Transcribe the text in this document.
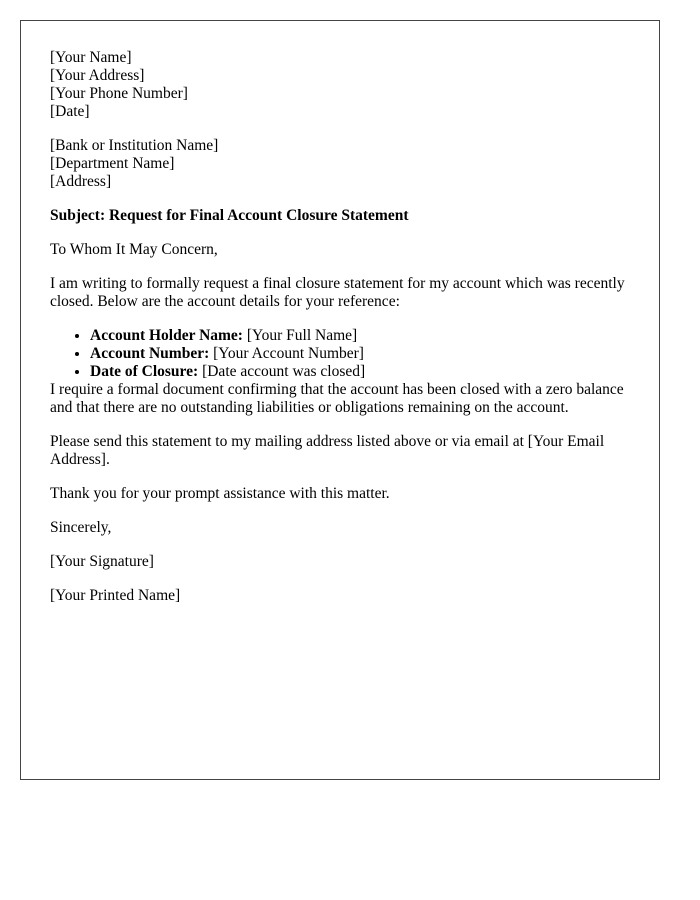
[Your Name]
[Your Address]
[Your Phone Number]
[Date]

[Bank or Institution Name]
[Department Name]
[Address]

Subject: Request for Final Account Closure Statement

To Whom It May Concern,

I am writing to formally request a final closure statement for my account which was recently closed. Below are the account details for your reference:

• Account Holder Name: [Your Full Name]
• Account Number: [Your Account Number]
• Date of Closure: [Date account was closed]

I require a formal document confirming that the account has been closed with a zero balance and that there are no outstanding liabilities or obligations remaining on the account.

Please send this statement to my mailing address listed above or via email at [Your Email Address].

Thank you for your prompt assistance with this matter.

Sincerely,

[Your Signature]

[Your Printed Name]
